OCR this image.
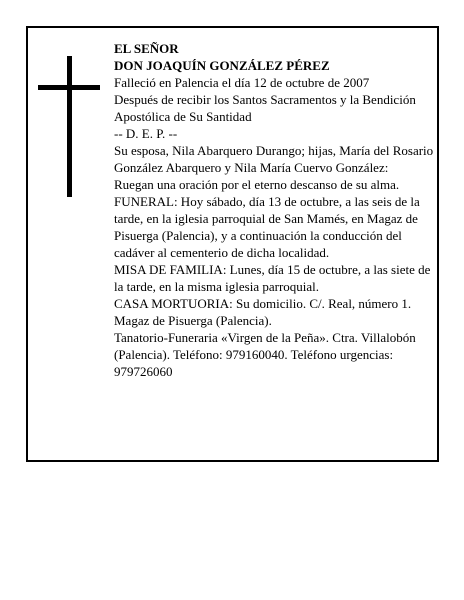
EL SEÑOR

DON JOAQUÍN GONZÁLEZ PÉREZ

Falleció en Palencia el día 12 de octubre de 2007

Después de recibir los Santos Sacramentos y la Bendición Apostólica de Su Santidad

-- D. E. P. --

Su esposa, Nila Abarquero Durango; hijas, María del Rosario González Abarquero y Nila María Cuervo González:

Ruegan una oración por el eterno descanso de su alma.

FUNERAL: Hoy sábado, día 13 de octubre, a las seis de la tarde, en la iglesia parroquial de San Mamés, en Magaz de Pisuerga (Palencia), y a continuación la conducción del cadáver al cementerio de dicha localidad.

MISA DE FAMILIA: Lunes, día 15 de octubre, a las siete de la tarde, en la misma iglesia parroquial.

CASA MORTUORIA: Su domicilio. C/. Real, número 1. Magaz de Pisuerga (Palencia).

Tanatorio-Funeraria «Virgen de la Peña». Ctra. Villalobón (Palencia). Teléfono: 979160040. Teléfono urgencias: 979726060
